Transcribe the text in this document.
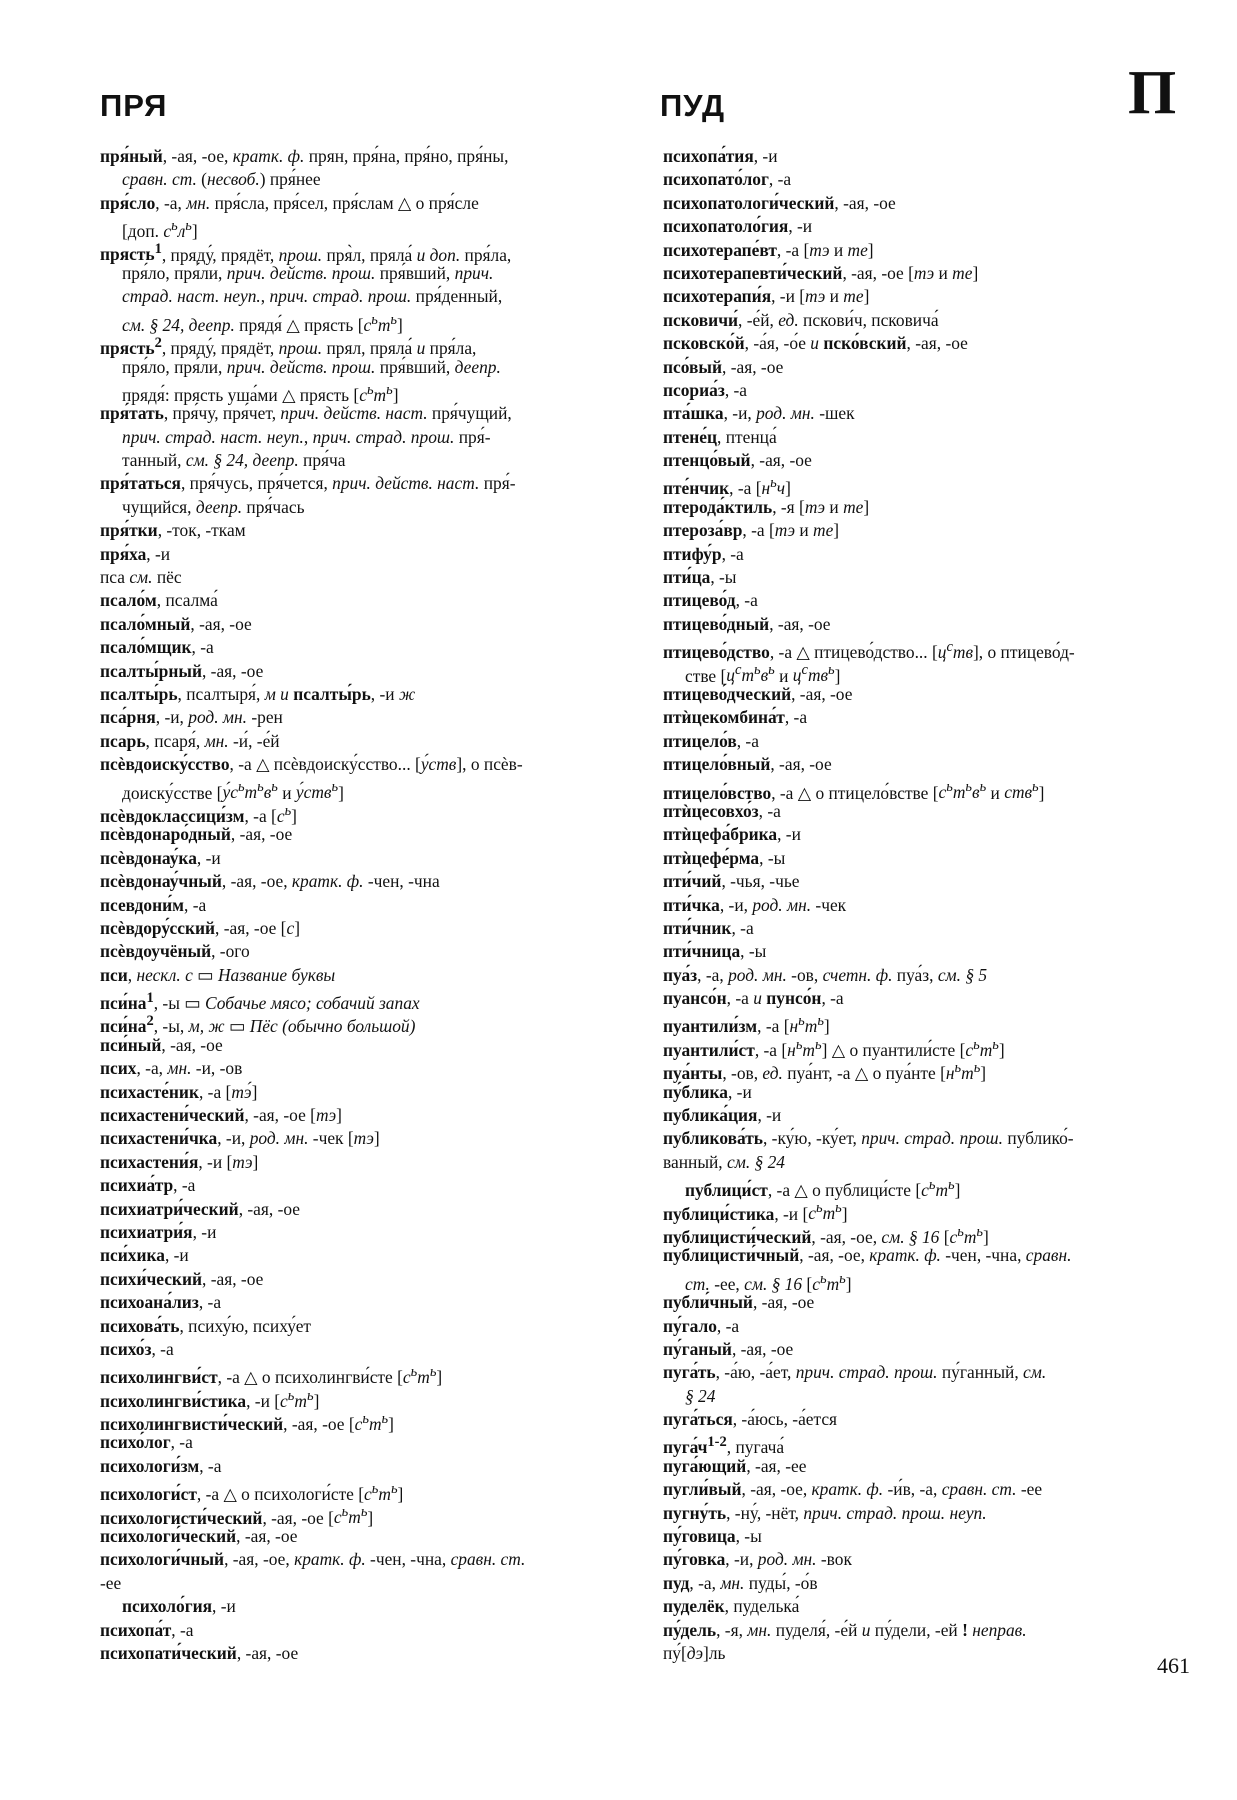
ПРЯ	ПУД	П
пря́ный, -ая, -ое, кратк. ф. прян, пря́на, пря́но, пря́ны,
сравн. ст. (несвоб.) пря́нее
пря́сло, -а, мн. пря́сла, пря́сел, пря́слам △ о пря́сле
[доп. $с^ьл^ь$]
прясть$^1$, пряду́, прядёт, прош. пря̀л, пряла́ и доп. пря́ла,
пря́ло, пря́ли, прич. действ. прош. пря́вший, прич.
страд. наст. неуп., прич. страд. прош. пря́денный,
см. § 24, деепр. прядя́ △ прясть $[с^ьт^ь]$
прясть$^2$, пряду́, прядёт, прош. прял, пряла́ и пря́ла,
пря́ло, пря́ли, прич. действ. прош. пря́вший, деепр.
прядя́: прясть уша́ми △ прясть $[с^ьт^ь]$
пря́тать, пря́чу, пря́чет, прич. действ. наст. пря́чущий,
прич. страд. наст. неуп., прич. страд. прош. пря́-
танный, см. § 24, деепр. пря́ча
пря́таться, пря́чусь, пря́чется, прич. действ. наст. пря́-
чущийся, деепр. пря́чась
пря́тки, -ток, -ткам
пря́ха, -и
пса см. пёс
псало́м, псалма́
псало́мный, -ая, -ое
псало́мщик, -а
псалты́рный, -ая, -ое
псалты́рь, псалтыря́, м и псалты́рь, -и ж
пса́рня, -и, род. мн. -рен
псарь, псаря́, мн. -и́, -е́й
псѐвдоиску́сство, -а △ псѐвдоиску́сство... [у́ств], о псѐв-
доиску́сстве [$у́с^ьт^ьв^ь$ и у́ств$^ь$]
псѐвдоклассици́зм, -а $[с^ь]$
псѐвдонаро́дный, -ая, -ое
псѐвдонау́ка, -и
псѐвдонау́чный, -ая, -ое, кратк. ф. -чен, -чна
псевдони́м, -а
псѐвдору́сский, -ая, -ое [с]
псѐвдоучёный, -ого
пси, нескл. с ▭ Название буквы
$пси́на^1$, -ы ▭ Собачье мясо; собачий запах
$пси́на^2$, -ы, м, ж ▭ Пёс (обычно большой)
пси́ный, -ая, -ое
псих, -а, мн. -и, -ов
психасте́ник, -а [тэ́]
психастени́ческий, -ая, -ое [тэ]
психастени́чка, -и, род. мн. -чек [тэ]
психастени́я, -и [тэ]
психиа́тр, -а
психиатри́ческий, -ая, -ое
психиатри́я, -и
пси́хика, -и
психи́ческий, -ая, -ое
психоана́лиз, -а
психова́ть, психу́ю, психу́ет
психо́з, -а
психолингви́ст, -а △ о психолингви́сте $[с^ьт^ь]$
психолингви́стика, -и $[с^ьт^ь]$
психолингвисти́ческий, -ая, -ое $[с^ьт^ь]$
психо́лог, -а
психологи́зм, -а
психологи́ст, -а △ о психологи́сте $[с^ьт^ь]$
психологисти́ческий, -ая, -ое $[с^ьт^ь]$
психологи́ческий, -ая, -ое
психологи́чный, -ая, -ое, кратк. ф. -чен, -чна, сравн. ст.
-ее
психоло́гия, -и
психопа́т, -а
психопати́ческий, -ая, -ое
психопа́тия, -и
психопато́лог, -а
психопатологи́ческий, -ая, -ое
психопатоло́гия, -и
психотерапе́вт, -а [тэ и те]
психотерапевти́ческий, -ая, -ое [тэ и те]
психотерапи́я, -и [тэ и те]
псковичи́, -е́й, ед. пскови́ч, псковича́
псковско́й, -а́я, -о́е и пско́вский, -ая, -ое
псо́вый, -ая, -ое
псориа́з, -а
пта́шка, -и, род. мн. -шек
птене́ц, птенца́
птенцо́вый, -ая, -ое
пте́нчик, -а $[н^ьч]$
птерода́ктиль, -я [тэ и те]
птероза́вр, -а [тэ и те]
птифу́р, -а
пти́ца, -ы
птицево́д, -а
птицево́дный, -ая, -ое
птицево́дство, -а △ птицево́дство... $[ц^ств]$, о птицево́д-
стве [$ц^ст^ьв^ь$ и $ц^ств^ь$]
птицево́дческий, -ая, -ое
птѝцекомбина́т, -а
птицело́в, -а
птицело́вный, -ая, -ое
птицело́вство, -а △ о птицело́встве [$с^ьт^ьв^ь$ и ств$^ь$]
птѝцесовхо́з, -а
птѝцефа́брика, -и
птѝцефе́рма, -ы
пти́чий, -чья, -чье
пти́чка, -и, род. мн. -чек
пти́чник, -а
пти́чница, -ы
пуа́з, -а, род. мн. -ов, счетн. ф. пуа́з, см. § 5
пуансо́н, -а и пунсо́н, -а
пуантили́зм, -а $[н^ьт^ь]$
пуантили́ст, -а $[н^ьт^ь]$ △ о пуантили́сте $[с^ьт^ь]$
пуа́нты, -ов, ед. пуа́нт, -а △ о пуа́нте $[н^ьт^ь]$
пу́блика, -и
публика́ция, -и
публикова́ть, -ку́ю, -ку́ет, прич. страд. прош. публико́-
ванный, см. § 24
публици́ст, -а △ о публици́сте $[с^ьт^ь]$
публици́стика, -и $[с^ьт^ь]$
публицисти́ческий, -ая, -ое, см. § 16 $[с^ьт^ь]$
публицисти́чный, -ая, -ое, кратк. ф. -чен, -чна, сравн.
ст. -ее, см. § 16 $[с^ьт^ь]$
публи́чный, -ая, -ое
пу́гало, -а
пу́ганый, -ая, -ое
пуга́ть, -а́ю, -а́ет, прич. страд. прош. пу́ганный, см.
§ 24
пуга́ться, -а́юсь, -а́ется
$пуга́ч^{1-2}$, пугача́
пуга́ющий, -ая, -ее
пугли́вый, -ая, -ое, кратк. ф. -и́в, -а, сравн. ст. -ее
пугну́ть, -ну́, -нёт, прич. страд. прош. неуп.
пу́говица, -ы
пу́говка, -и, род. мн. -вок
пуд, -а, мн. пуды́, -о́в
пуделёк, пуделька́
пу́дель, -я, мн. пуделя́, -е́й и пу́дели, -ей ! неправ.
пу́[дэ]ль	461
